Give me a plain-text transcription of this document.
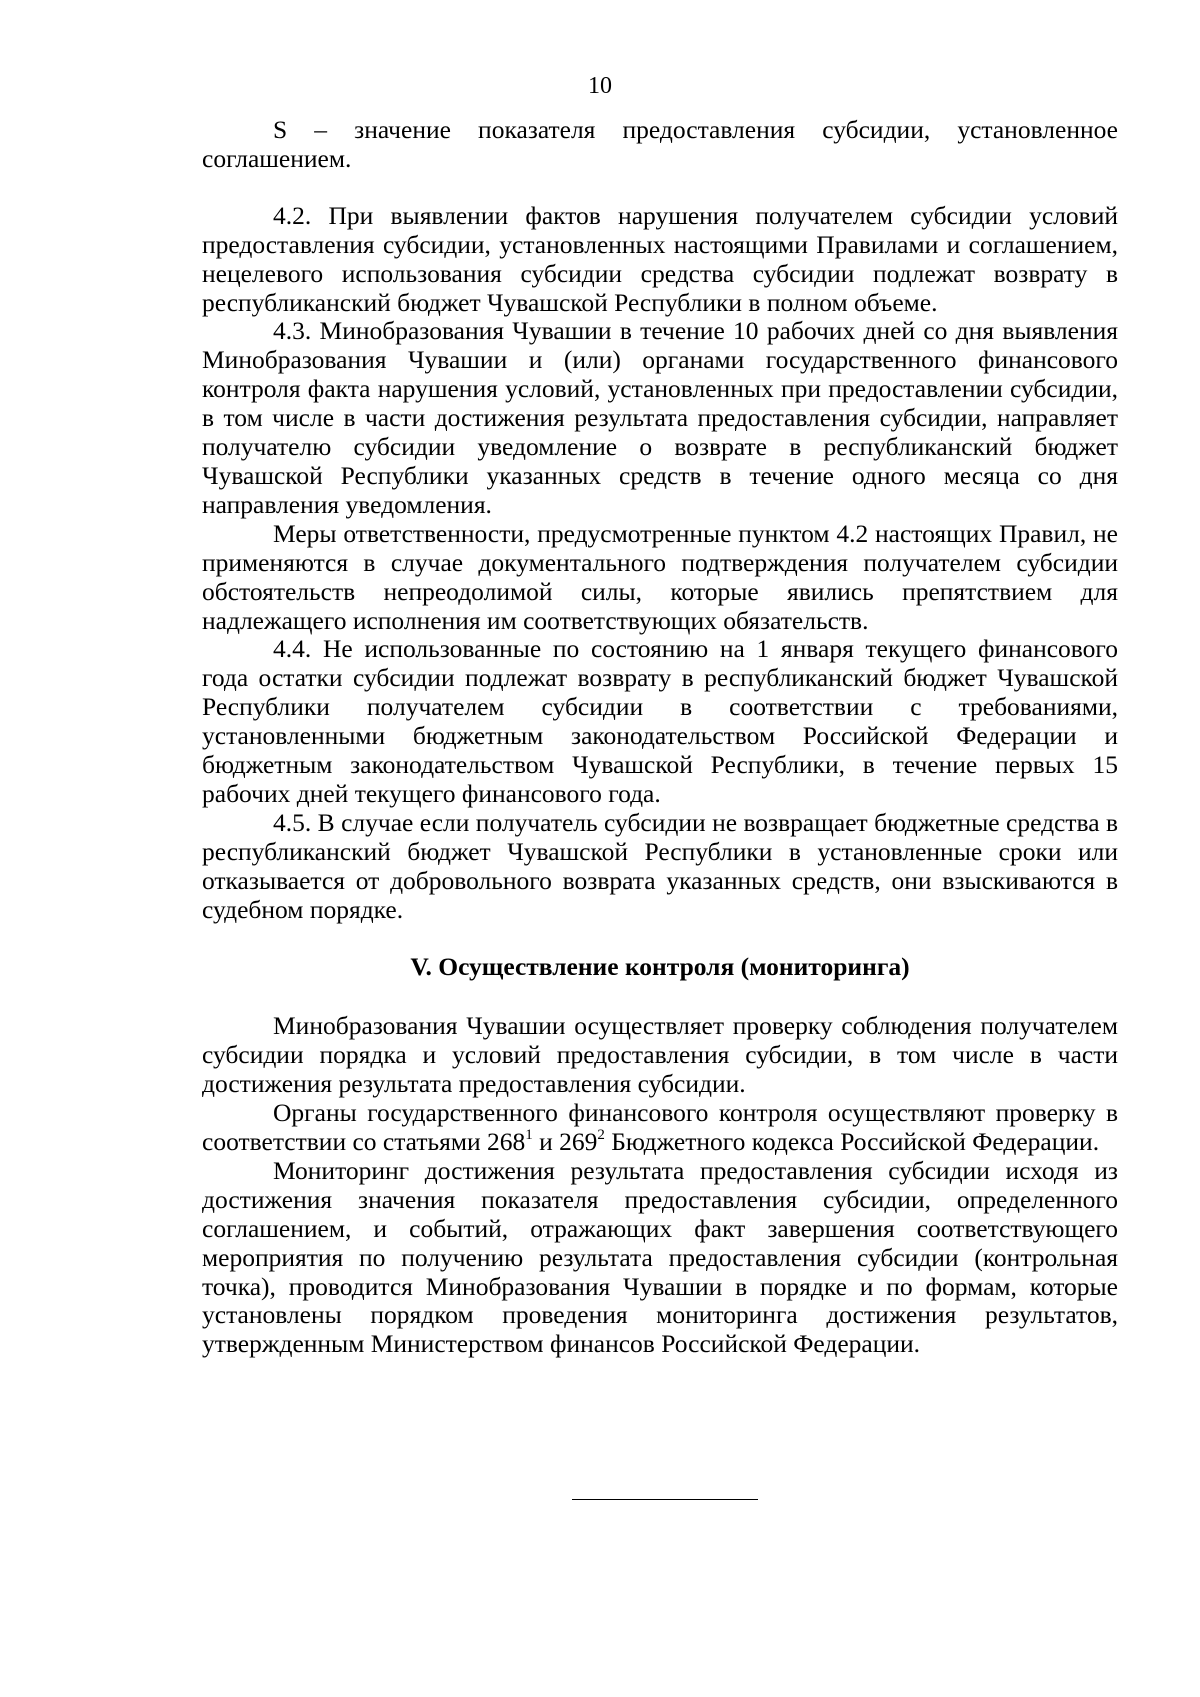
10

S – значение показателя предоставления субсидии, установленное соглашением.

4.2. При выявлении фактов нарушения получателем субсидии условий предоставления субсидии, установленных настоящими Правилами и соглашением, нецелевого использования субсидии средства субсидии подлежат возврату в республиканский бюджет Чувашской Республики в полном объеме.

4.3. Минобразования Чувашии в течение 10 рабочих дней со дня выявления Минобразования Чувашии и (или) органами государственного финансового контроля факта нарушения условий, установленных при предоставлении субсидии, в том числе в части достижения результата предоставления субсидии, направляет получателю субсидии уведомление о возврате в республиканский бюджет Чувашской Республики указанных средств в течение одного месяца со дня направления уведомления.

Меры ответственности, предусмотренные пунктом 4.2 настоящих Правил, не применяются в случае документального подтверждения получателем субсидии обстоятельств непреодолимой силы, которые явились препятствием для надлежащего исполнения им соответствующих обязательств.

4.4. Не использованные по состоянию на 1 января текущего финансового года остатки субсидии подлежат возврату в республиканский бюджет Чувашской Республики получателем субсидии в соответствии с требованиями, установленными бюджетным законодательством Российской Федерации и бюджетным законодательством Чувашской Республики, в течение первых 15 рабочих дней текущего финансового года.

4.5. В случае если получатель субсидии не возвращает бюджетные средства в республиканский бюджет Чувашской Республики в установленные сроки или отказывается от добровольного возврата указанных средств, они взыскиваются в судебном порядке.

V. Осуществление контроля (мониторинга)

Минобразования Чувашии осуществляет проверку соблюдения получателем субсидии порядка и условий предоставления субсидии, в том числе в части достижения результата предоставления субсидии.

Органы государственного финансового контроля осуществляют проверку в соответствии со статьями $268^1$ и $269^2$ Бюджетного кодекса Российской Федерации.

Мониторинг достижения результата предоставления субсидии исходя из достижения значения показателя предоставления субсидии, определенного соглашением, и событий, отражающих факт завершения соответствующего мероприятия по получению результата предоставления субсидии (контрольная точка), проводится Минобразования Чувашии в порядке и по формам, которые установлены порядком проведения мониторинга достижения результатов, утвержденным Министерством финансов Российской Федерации.
